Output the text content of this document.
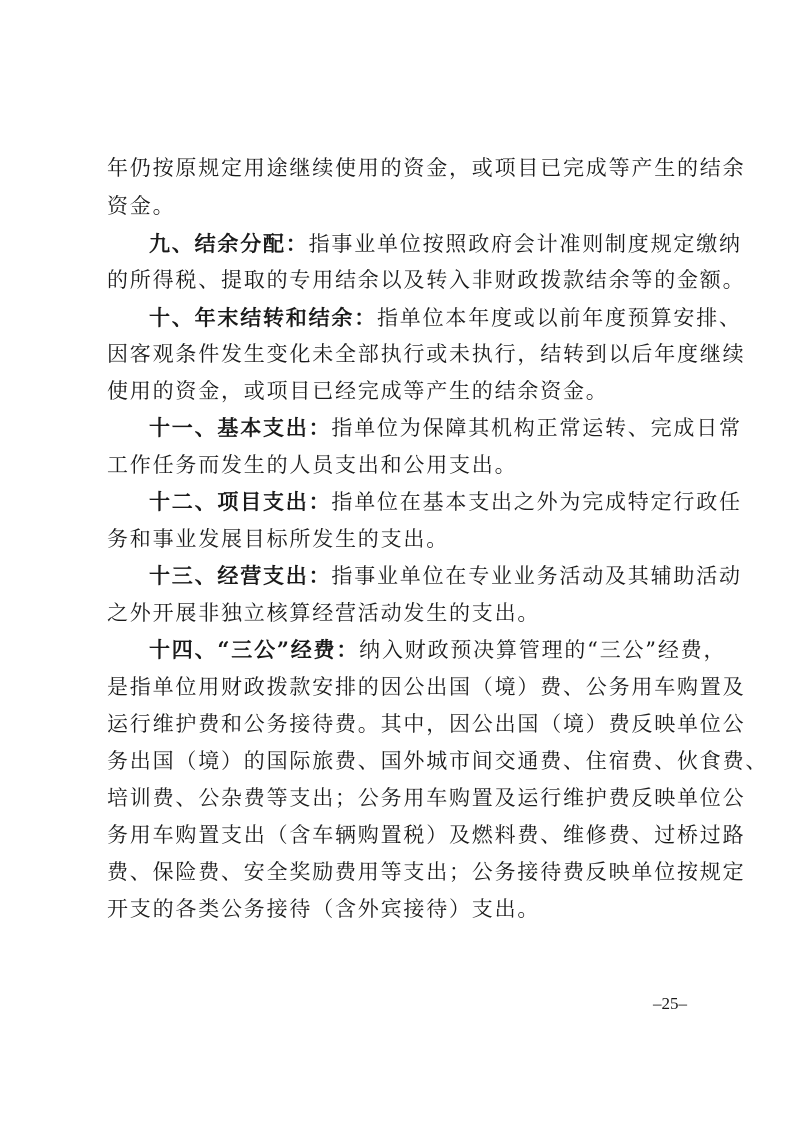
年仍按原规定用途继续使用的资金，或项目已完成等产生的结余
资金。
九、结余分配：指事业单位按照政府会计准则制度规定缴纳
的所得税、提取的专用结余以及转入非财政拨款结余等的金额。
十、年末结转和结余：指单位本年度或以前年度预算安排、
因客观条件发生变化未全部执行或未执行，结转到以后年度继续
使用的资金，或项目已经完成等产生的结余资金。
十一、基本支出：指单位为保障其机构正常运转、完成日常
工作任务而发生的人员支出和公用支出。
十二、项目支出：指单位在基本支出之外为完成特定行政任
务和事业发展目标所发生的支出。
十三、经营支出：指事业单位在专业业务活动及其辅助活动
之外开展非独立核算经营活动发生的支出。
十四、“三公”经费：纳入财政预决算管理的“三公”经费，
是指单位用财政拨款安排的因公出国（境）费、公务用车购置及
运行维护费和公务接待费。其中，因公出国（境）费反映单位公
务出国（境）的国际旅费、国外城市间交通费、住宿费、伙食费、
培训费、公杂费等支出；公务用车购置及运行维护费反映单位公
务用车购置支出（含车辆购置税）及燃料费、维修费、过桥过路
费、保险费、安全奖励费用等支出；公务接待费反映单位按规定
开支的各类公务接待（含外宾接待）支出。
–25–
